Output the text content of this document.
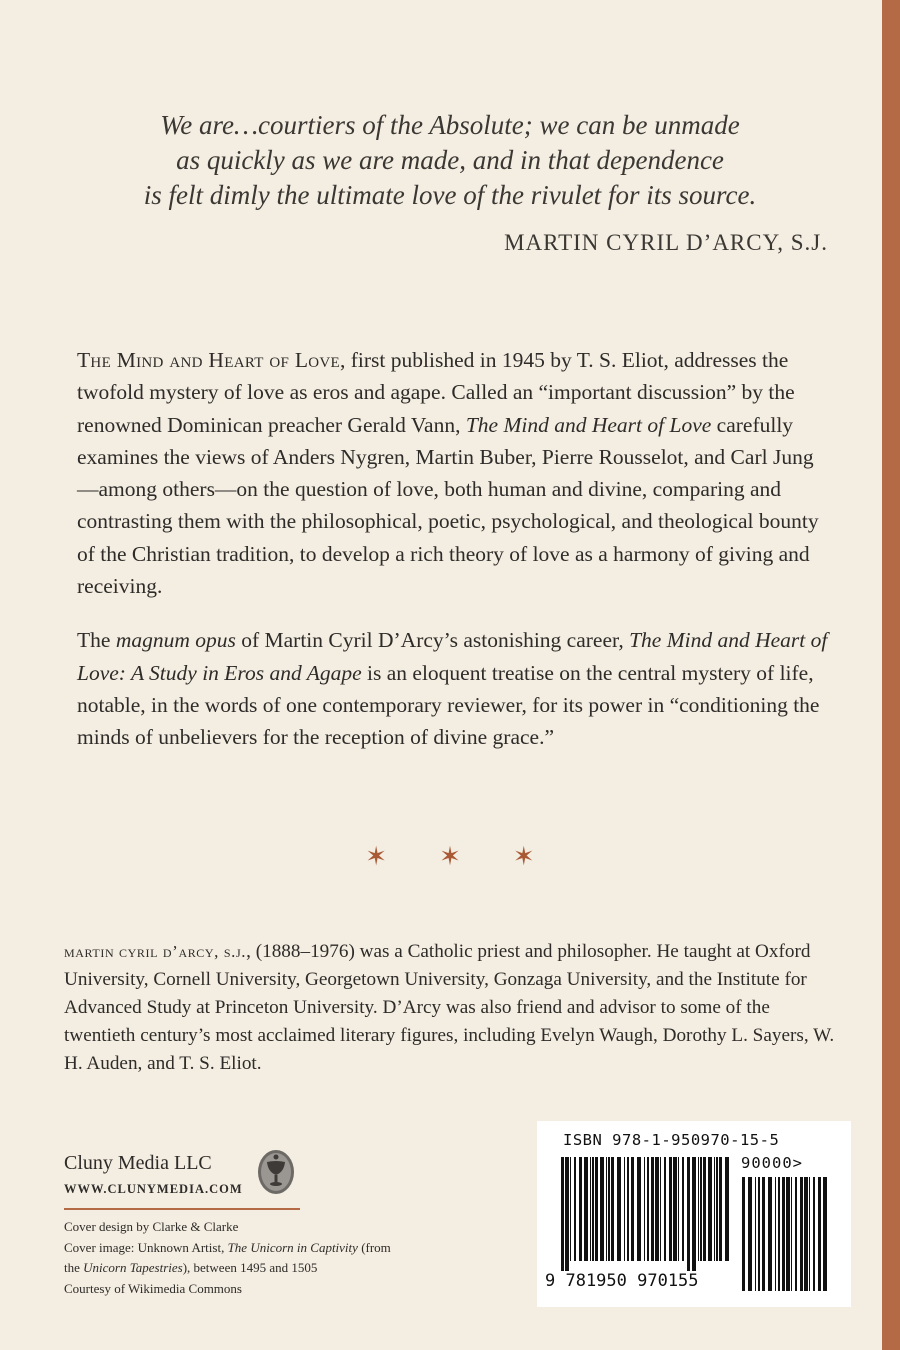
We are…courtiers of the Absolute; we can be unmade
as quickly as we are made, and in that dependence
is felt dimly the ultimate love of the rivulet for its source.
MARTIN CYRIL D’ARCY, S.J.

The Mind and Heart of Love, first published in 1945 by T. S. Eliot, addresses the twofold mystery of love as eros and agape. Called an “important discussion” by the renowned Dominican preacher Gerald Vann, The Mind and Heart of Love carefully examines the views of Anders Nygren, Martin Buber, Pierre Rousselot, and Carl Jung—among others—on the question of love, both human and divine, comparing and contrasting them with the philosophical, poetic, psychological, and theological bounty of the Christian tradition, to develop a rich theory of love as a harmony of giving and receiving.

The magnum opus of Martin Cyril D’Arcy’s astonishing career, The Mind and Heart of Love: A Study in Eros and Agape is an eloquent treatise on the central mystery of life, notable, in the words of one contemporary reviewer, for its power in “conditioning the minds of unbelievers for the reception of divine grace.”

✶ ✶ ✶
martin cyril d’arcy, s.j., (1888–1976) was a Catholic priest and philosopher. He taught at Oxford University, Cornell University, Georgetown University, Gonzaga University, and the Institute for Advanced Study at Princeton University. D’Arcy was also friend and advisor to some of the twentieth century’s most acclaimed literary figures, including Evelyn Waugh, Dorothy L. Sayers, W. H. Auden, and T. S. Eliot.
Cluny Media LLC
WWW.CLUNYMEDIA.COM
Cover design by Clarke & Clarke
Cover image: Unknown Artist, The Unicorn in Captivity (from
the Unicorn Tapestries), between 1495 and 1505
Courtesy of Wikimedia Commons
ISBN 978-1-950970-15-5
90000>
9 781950 970155
